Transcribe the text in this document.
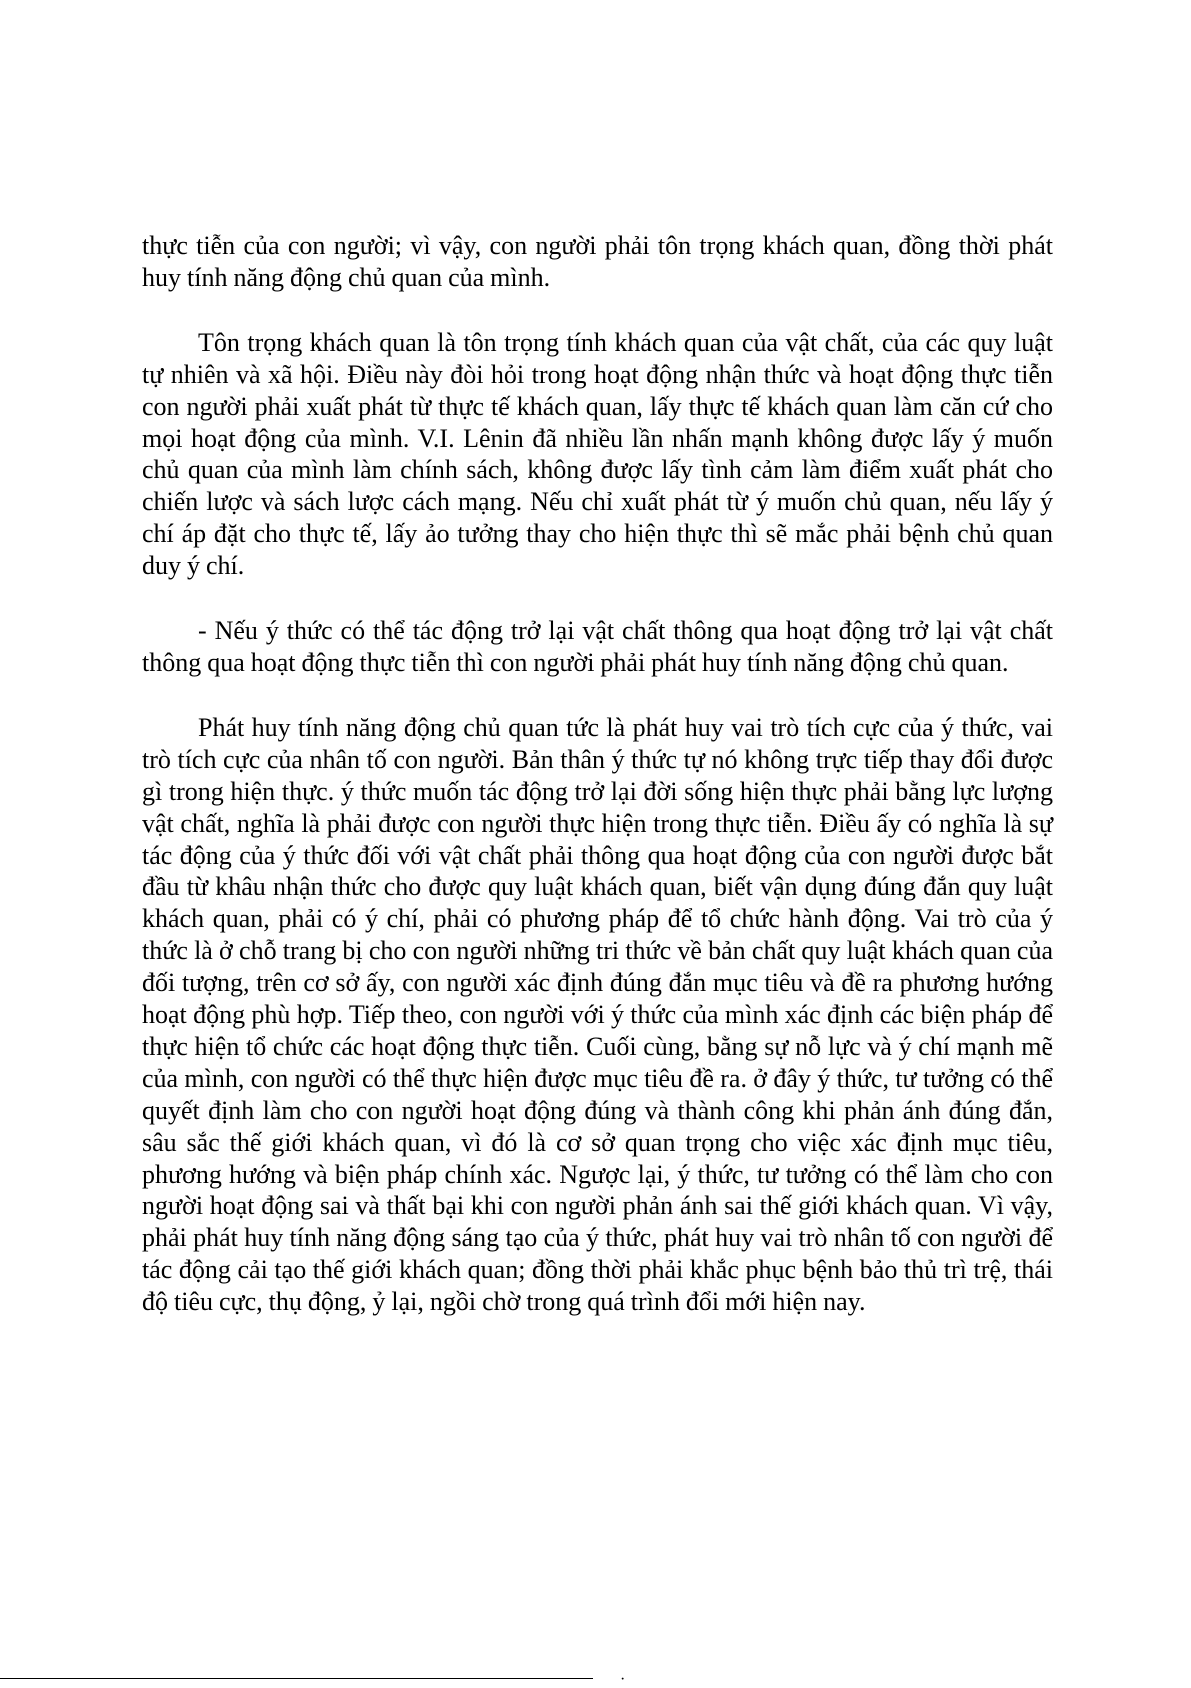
thực tiễn của con người; vì vậy, con người phải tôn trọng khách quan, đồng thời phát huy tính năng động chủ quan của mình.

Tôn trọng khách quan là tôn trọng tính khách quan của vật chất, của các quy luật tự nhiên và xã hội. Điều này đòi hỏi trong hoạt động nhận thức và hoạt động thực tiễn con người phải xuất phát từ thực tế khách quan, lấy thực tế khách quan làm căn cứ cho mọi hoạt động của mình. V.I. Lênin đã nhiều lần nhấn mạnh không được lấy ý muốn chủ quan của mình làm chính sách, không được lấy tình cảm làm điểm xuất phát cho chiến lược và sách lược cách mạng. Nếu chỉ xuất phát từ ý muốn chủ quan, nếu lấy ý chí áp đặt cho thực tế, lấy ảo tưởng thay cho hiện thực thì sẽ mắc phải bệnh chủ quan duy ý chí.

- Nếu ý thức có thể tác động trở lại vật chất thông qua hoạt động trở lại vật chất thông qua hoạt động thực tiễn thì con người phải phát huy tính năng động chủ quan.

Phát huy tính năng động chủ quan tức là phát huy vai trò tích cực của ý thức, vai trò tích cực của nhân tố con người. Bản thân ý thức tự nó không trực tiếp thay đổi được gì trong hiện thực. ý thức muốn tác động trở lại đời sống hiện thực phải bằng lực lượng vật chất, nghĩa là phải được con người thực hiện trong thực tiễn. Điều ấy có nghĩa là sự tác động của ý thức đối với vật chất phải thông qua hoạt động của con người được bắt đầu từ khâu nhận thức cho được quy luật khách quan, biết vận dụng đúng đắn quy luật khách quan, phải có ý chí, phải có phương pháp để tổ chức hành động. Vai trò của ý thức là ở chỗ trang bị cho con người những tri thức về bản chất quy luật khách quan của đối tượng, trên cơ sở ấy, con người xác định đúng đắn mục tiêu và đề ra phương hướng hoạt động phù hợp. Tiếp theo, con người với ý thức của mình xác định các biện pháp để thực hiện tổ chức các hoạt động thực tiễn. Cuối cùng, bằng sự nỗ lực và ý chí mạnh mẽ của mình, con người có thể thực hiện được mục tiêu đề ra. ở đây ý thức, tư tưởng có thể quyết định làm cho con người hoạt động đúng và thành công khi phản ánh đúng đắn, sâu sắc thế giới khách quan, vì đó là cơ sở quan trọng cho việc xác định mục tiêu, phương hướng và biện pháp chính xác. Ngược lại, ý thức, tư tưởng có thể làm cho con người hoạt động sai và thất bại khi con người phản ánh sai thế giới khách quan. Vì vậy, phải phát huy tính năng động sáng tạo của ý thức, phát huy vai trò nhân tố con người để tác động cải tạo thế giới khách quan; đồng thời phải khắc phục bệnh bảo thủ trì trệ, thái độ tiêu cực, thụ động, ỷ lại, ngồi chờ trong quá trình đổi mới hiện nay.

·
